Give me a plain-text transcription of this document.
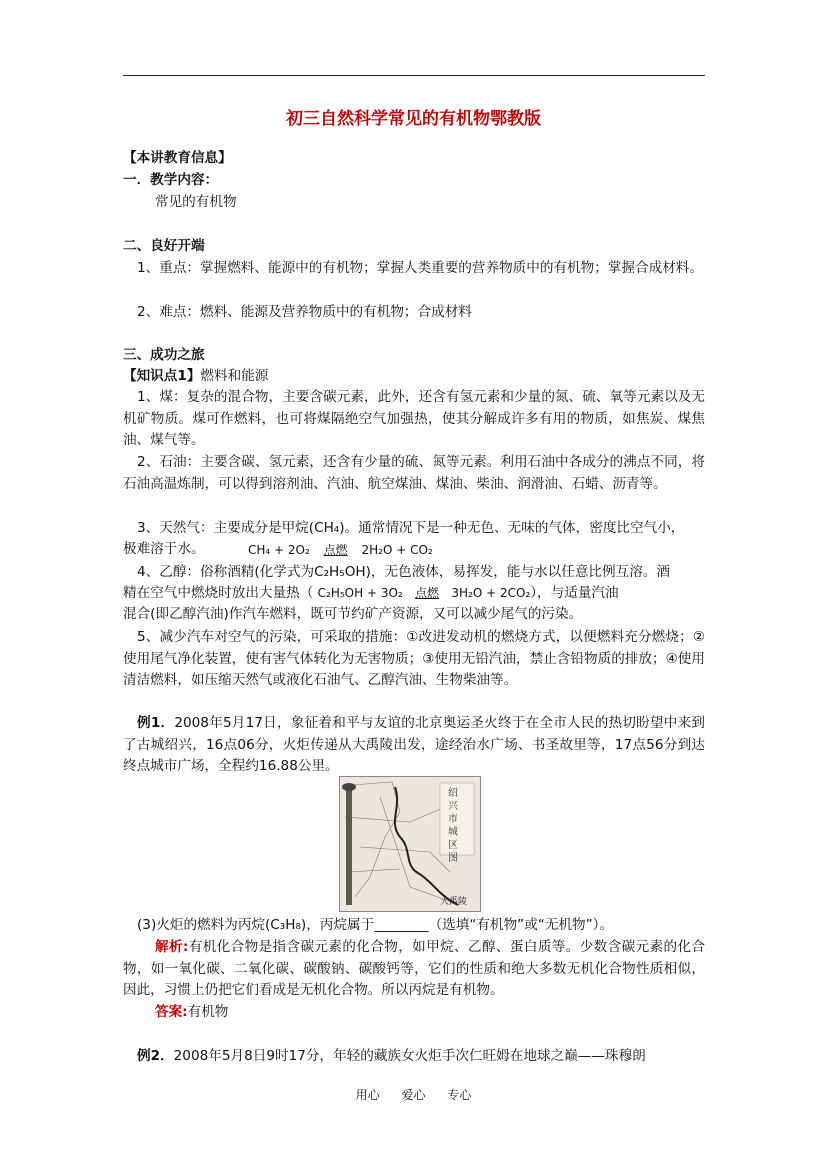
初三自然科学常见的有机物鄂教版
【本讲教育信息】
一．教学内容：
常见的有机物
二、良好开端
1、重点：掌握燃料、能源中的有机物；掌握人类重要的营养物质中的有机物；掌握合成材料。
2、难点：燃料、能源及营养物质中的有机物；合成材料
三、成功之旅
【知识点1】燃料和能源
1、煤：复杂的混合物，主要含碳元素，此外，还含有氢元素和少量的氮、硫、氧等元素以及无机矿物质。煤可作燃料，也可将煤隔绝空气加强热，使其分解成许多有用的物质，如焦炭、煤焦油、煤气等。
2、石油：主要含碳、氢元素，还含有少量的硫、氮等元素。利用石油中各成分的沸点不同，将石油高温炼制，可以得到溶剂油、汽油、航空煤油、煤油、柴油、润滑油、石蜡、沥青等。
3、天然气：主要成分是甲烷(CH₄)。通常情况下是一种无色、无味的气体，密度比空气小，
极难溶于水。	CH₄ + 2O₂ 点燃 2H₂O + CO₂
4、乙醇：俗称酒精(化学式为C₂H₅OH)，无色液体，易挥发，能与水以任意比例互溶。酒
精在空气中燃烧时放出大量热（ C₂H₅OH + 3O₂ 点燃 3H₂O + 2CO₂），与适量汽油
混合(即乙醇汽油)作汽车燃料，既可节约矿产资源，又可以减少尾气的污染。
5、减少汽车对空气的污染，可采取的措施：①改进发动机的燃烧方式，以便燃料充分燃烧；②使用尾气净化装置，使有害气体转化为无害物质；③使用无铅汽油，禁止含铅物质的排放；④使用清洁燃料，如压缩天然气或液化石油气、乙醇汽油、生物柴油等。
例1．2008年5月17日，象征着和平与友谊的北京奥运圣火终于在全市人民的热切盼望中来到了古城绍兴，16点06分，火炬传递从大禹陵出发，途经治水广场、书圣故里等，17点56分到达终点城市广场，全程约16.88公里。
绍兴市城区图
大禹陵
(3)火炬的燃料为丙烷(C₃H₈)，丙烷属于________（选填“有机物”或“无机物”）。
解析:有机化合物是指含碳元素的化合物，如甲烷、乙醇、蛋白质等。少数含碳元素的化合物，如一氧化碳、二氧化碳、碳酸钠、碳酸钙等，它们的性质和绝大多数无机化合物性质相似，因此，习惯上仍把它们看成是无机化合物。所以丙烷是有机物。
答案:有机物
例2．2008年5月8日9时17分，年轻的藏族女火炬手次仁旺姆在地球之巅——珠穆朗
用心 爱心 专心
